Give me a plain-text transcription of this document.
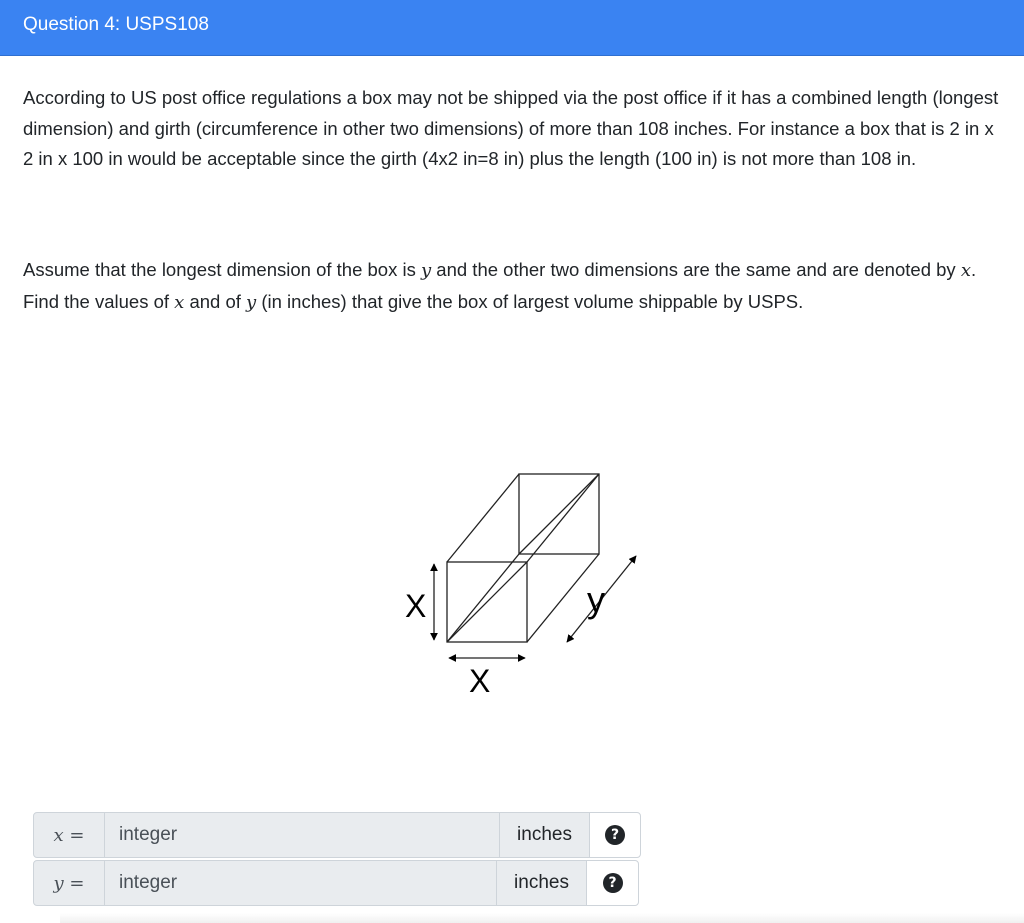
Question 4: USPS108
According to US post office regulations a box may not be shipped via the post office if it has a combined length (longest dimension) and girth (circumference in other two dimensions) of more than 108 inches. For instance a box that is 2 in x 2 in x 100 in would be acceptable since the girth (4x2 in=8 in) plus the length (100 in) is not more than 108 in.
Assume that the longest dimension of the box is y and the other two dimensions are the same and are denoted by x. Find the values of x and of y (in inches) that give the box of largest volume shippable by USPS.
X
X
y
x =	integer	inches	?
y =	integer	inches	?
